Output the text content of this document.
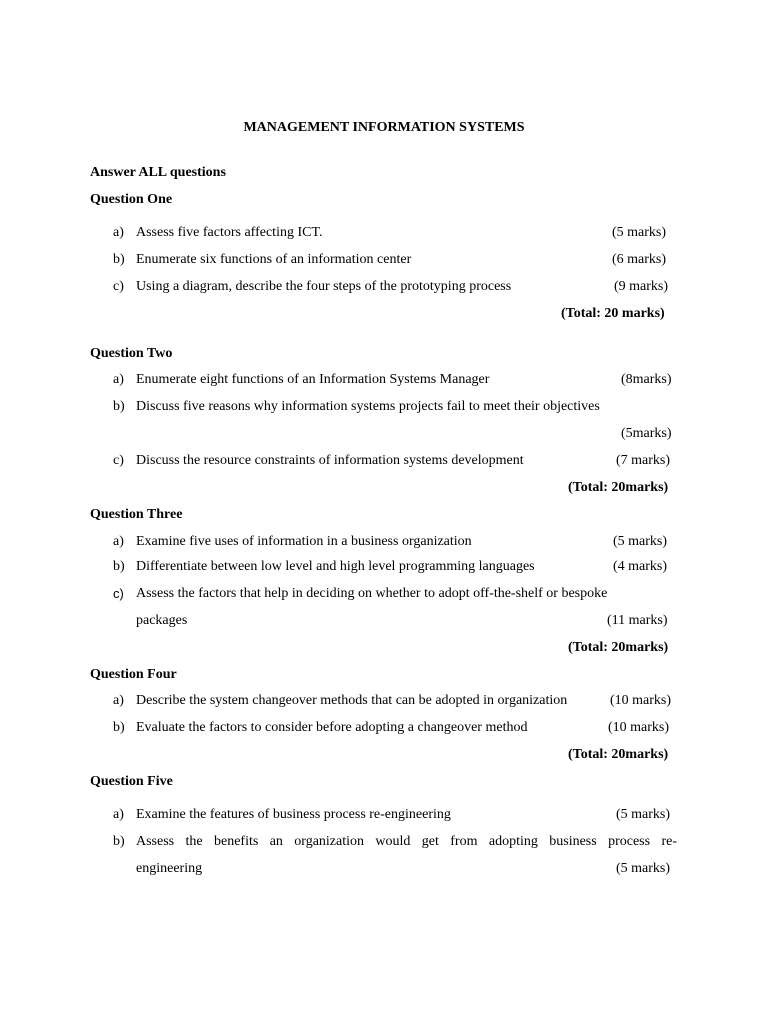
MANAGEMENT INFORMATION SYSTEMS
Answer ALL questions
Question One
a) Assess five factors affecting ICT.	(5 marks)
b) Enumerate six functions of an information center	(6 marks)
c) Using a diagram, describe the four steps of the prototyping process	(9 marks)
(Total: 20 marks)
Question Two
a) Enumerate eight functions of an Information Systems Manager	(8marks)
b) Discuss five reasons why information systems projects fail to meet their objectives
(5marks)
c) Discuss the resource constraints of information systems development	(7 marks)
(Total: 20marks)
Question Three
a) Examine five uses of information in a business organization	(5 marks)
b) Differentiate between low level and high level programming languages	(4 marks)
c) Assess the factors that help in deciding on whether to adopt off-the-shelf or bespoke
packages	(11 marks)
(Total: 20marks)
Question Four
a) Describe the system changeover methods that can be adopted in organization	(10 marks)
b) Evaluate the factors to consider before adopting a changeover method	(10 marks)
(Total: 20marks)
Question Five
a) Examine the features of business process re-engineering	(5 marks)
b) Assess the benefits an organization would get from adopting business process re-
engineering	(5 marks)
